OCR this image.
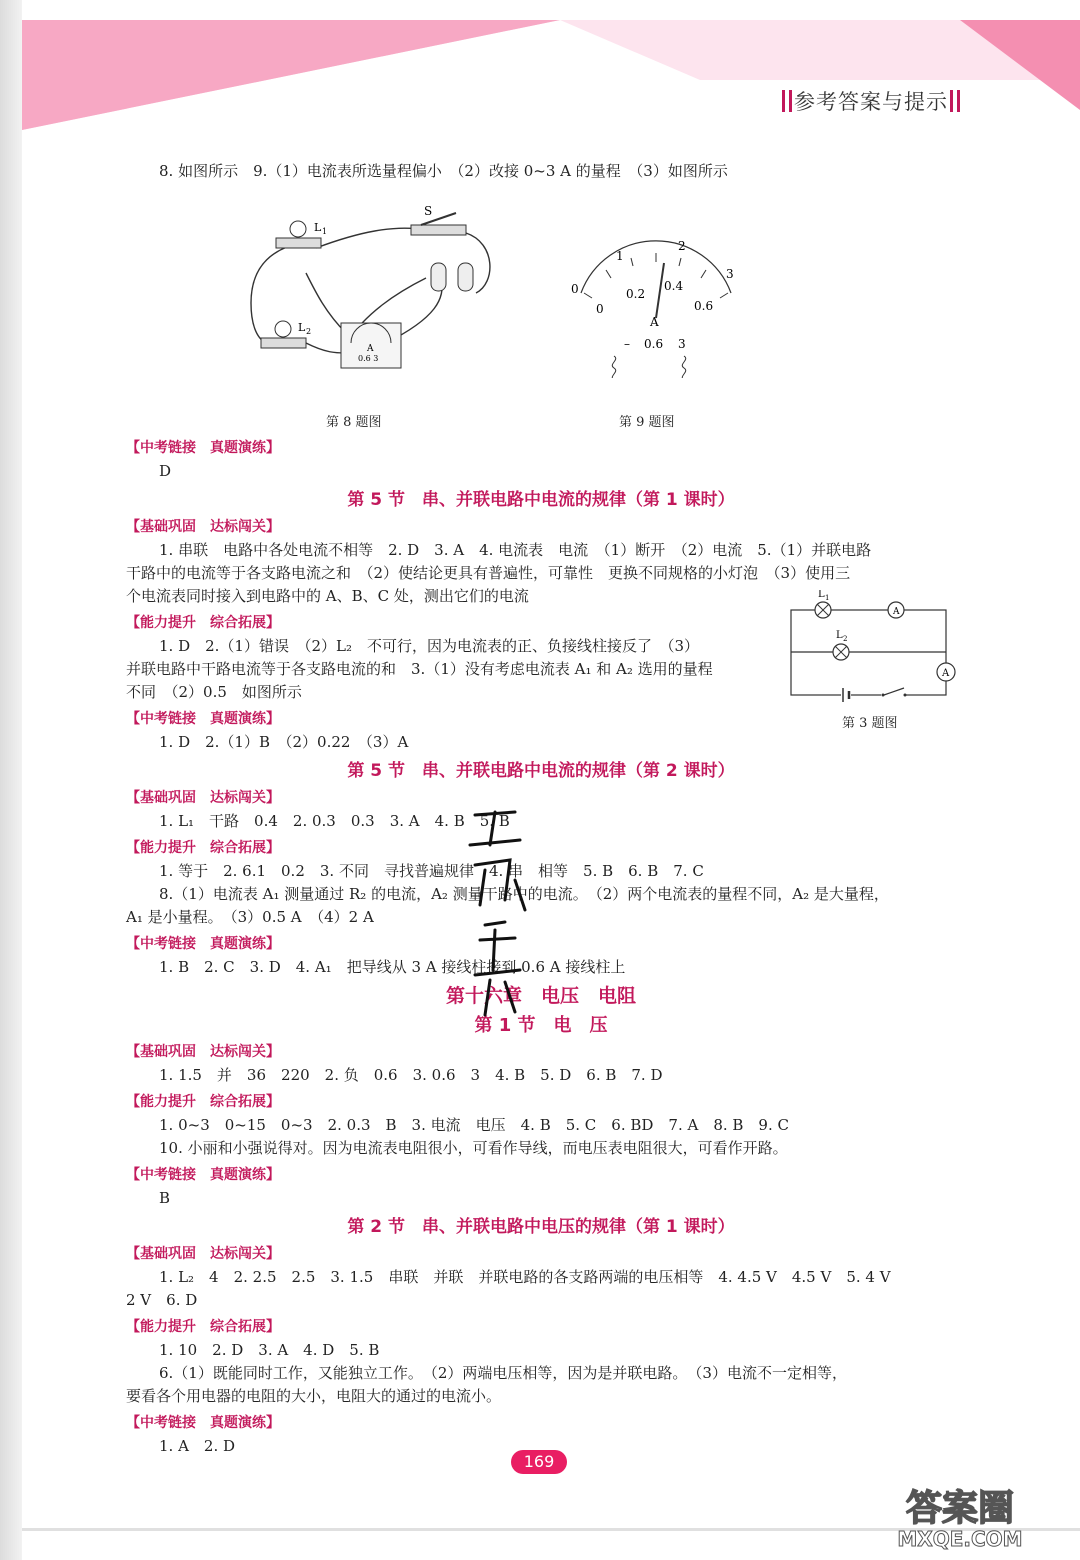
参考答案与提示
8. 如图所示　9.（1）电流表所选量程偏小　（2）改接 0~3 A 的量程　（3）如图所示
L 1
L 2
S
A
0.6 3
第 8 题图
0
1
2
3
0
0.2
0.4
0.6
A
– 0.6 3
第 9 题图
【中考链接　真题演练】
D
第 5 节　串、并联电路中电流的规律（第 1 课时）
【基础巩固　达标闯关】
1. 串联　电路中各处电流不相等　2. D　3. A　4. 电流表　电流　（1）断开　（2）电流　5.（1）并联电路
干路中的电流等于各支路电流之和　（2）使结论更具有普遍性，可靠性　更换不同规格的小灯泡　（3）使用三
个电流表同时接入到电路中的 A、B、C 处，测出它们的电流
【能力提升　综合拓展】
1. D　2.（1）错误　（2）L₂　不可行，因为电流表的正、负接线柱接反了　（3）
并联电路中干路电流等于各支路电流的和　3.（1）没有考虑电流表 A₁ 和 A₂ 选用的量程
不同　（2）0.5　如图所示
【中考链接　真题演练】
1. D　2.（1）B　（2）0.22　（3）A
A
A
L 1
L 2
第 3 题图
第 5 节　串、并联电路中电流的规律（第 2 课时）
【基础巩固　达标闯关】
1. L₁　干路　0.4　2. 0.3　0.3　3. A　4. B　5. B
【能力提升　综合拓展】
1. 等于　2. 6.1　0.2　3. 不同　寻找普遍规律　4. 串　相等　5. B　6. B　7. C
8.（1）电流表 A₁ 测量通过 R₂ 的电流，A₂ 测量干路中的电流。　（2）两个电流表的量程不同，A₂ 是大量程，
A₁ 是小量程。　（3）0.5 A　（4）2 A
【中考链接　真题演练】
1. B　2. C　3. D　4. A₁　把导线从 3 A 接线柱接到 0.6 A 接线柱上
第十六章　电压　电阻
第 1 节　电　压
【基础巩固　达标闯关】
1. 1.5　并　36　220　2. 负　0.6　3. 0.6　3　4. B　5. D　6. B　7. D
【能力提升　综合拓展】
1. 0~3　0~15　0~3　2. 0.3　B　3. 电流　电压　4. B　5. C　6. BD　7. A　8. B　9. C
10. 小丽和小强说得对。因为电流表电阻很小，可看作导线，而电压表电阻很大，可看作开路。
【中考链接　真题演练】
B
第 2 节　串、并联电路中电压的规律（第 1 课时）
【基础巩固　达标闯关】
1. L₂　4　2. 2.5　2.5　3. 1.5　串联　并联　并联电路的各支路两端的电压相等　4. 4.5 V　4.5 V　5. 4 V
2 V　6. D
【能力提升　综合拓展】
1. 10　2. D　3. A　4. D　5. B
6.（1）既能同时工作，又能独立工作。　（2）两端电压相等，因为是并联电路。　（3）电流不一定相等，
要看各个用电器的电阻的大小，电阻大的通过的电流小。
【中考链接　真题演练】
1. A　2. D
169
答案圈
MXQE.COM
